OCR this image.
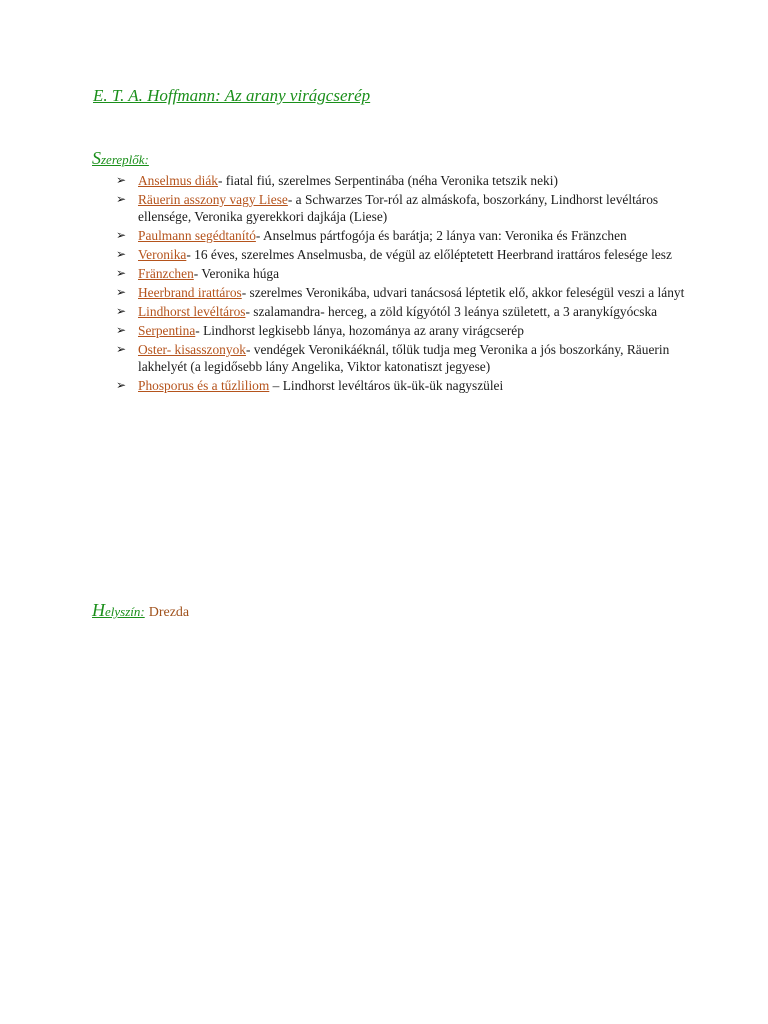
E. T. A. Hoffmann: Az arany virágcserép
Szereplők:
➢ Anselmus diák- fiatal fiú, szerelmes Serpentinába (néha Veronika tetszik neki)
➢ Räuerin asszony vagy Liese- a Schwarzes Tor-ról az almáskofa, boszorkány, Lindhorst levéltáros ellensége, Veronika gyerekkori dajkája (Liese)
➢ Paulmann segédtanító- Anselmus pártfogója és barátja; 2 lánya van: Veronika és Fränzchen
➢ Veronika- 16 éves, szerelmes Anselmusba, de végül az előléptetett Heerbrand irattáros felesége lesz
➢ Fränzchen- Veronika húga
➢ Heerbrand irattáros- szerelmes Veronikába, udvari tanácsosá léptetik elő, akkor feleségül veszi a lányt
➢ Lindhorst levéltáros- szalamandra- herceg, a zöld kígyótól 3 leánya született, a 3 aranykígyócska
➢ Serpentina- Lindhorst legkisebb lánya, hozománya az arany virágcserép
➢ Oster- kisasszonyok- vendégek Veronikáéknál, tőlük tudja meg Veronika a jós boszorkány, Räuerin lakhelyét (a legidősebb lány Angelika, Viktor katonatiszt jegyese)
➢ Phosporus és a tűzliliom – Lindhorst levéltáros ük-ük-ük nagyszülei
Helyszín: Drezda
